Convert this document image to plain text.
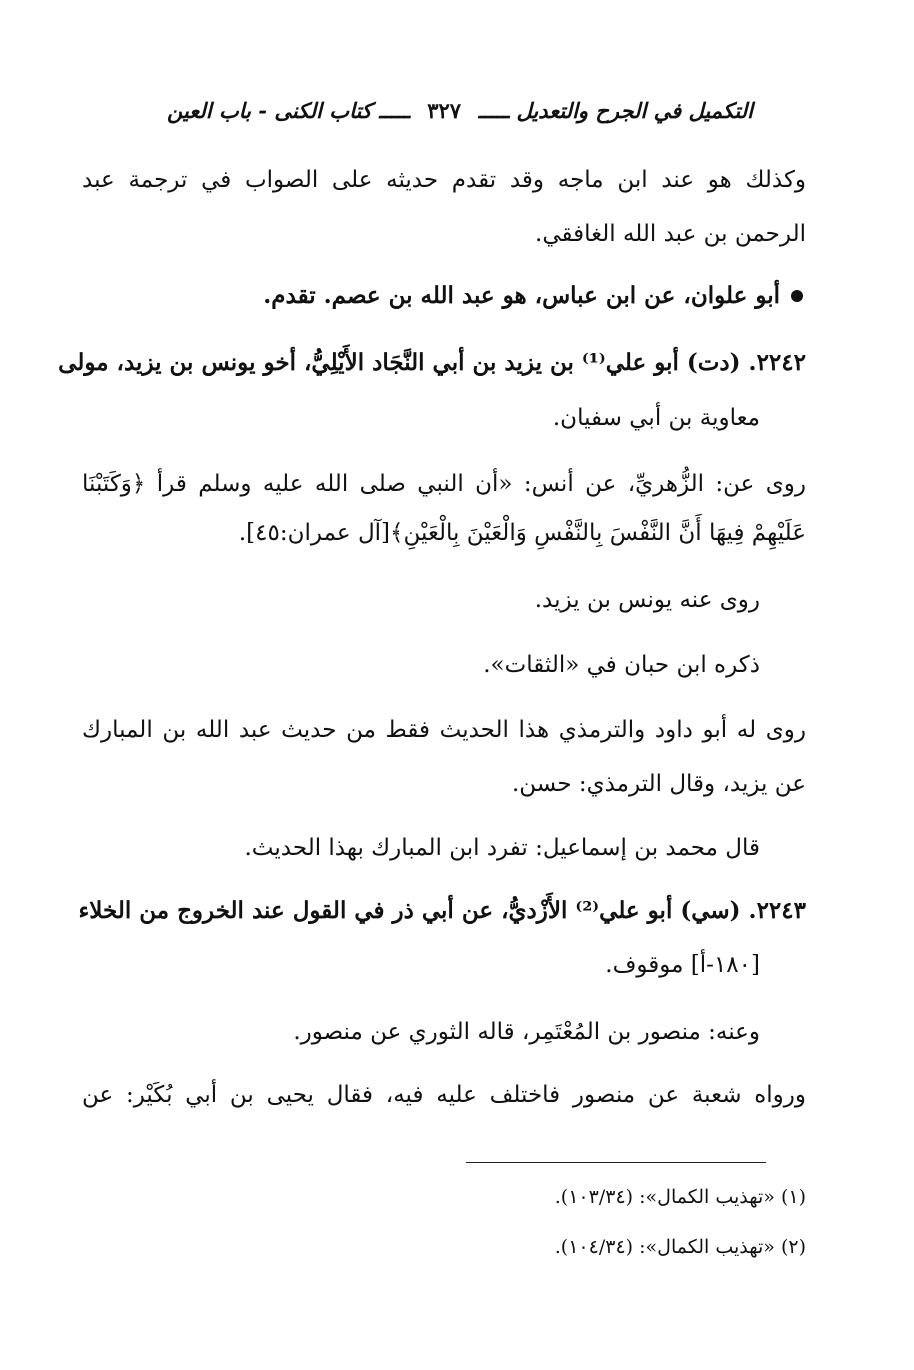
التكميل في الجرح والتعديل ـــــ ٣٢٧ ـــــ كتاب الكنى - باب العين
وكذلك هو عند ابن ماجه وقد تقدم حديثه على الصواب في ترجمة عبد
الرحمن بن عبد الله الغافقي.
أبو علوان، عن ابن عباس، هو عبد الله بن عصم. تقدم.
٢٢٤٢. (دت) أبو علي⁽¹⁾ بن يزيد بن أبي النَّجَاد الأَيْلِيُّ، أخو يونس بن يزيد، مولى
معاوية بن أبي سفيان.
روى عن: الزُّهريِّ، عن أنس: «أن النبي صلى الله عليه وسلم قرأ ﴿وَكَتَبْنَا
عَلَيْهِمْ فِيهَا أَنَّ النَّفْسَ بِالنَّفْسِ وَالْعَيْنَ بِالْعَيْنِ﴾[آل عمران:٤٥].
روى عنه يونس بن يزيد.
ذكره ابن حبان في «الثقات».
روى له أبو داود والترمذي هذا الحديث فقط من حديث عبد الله بن المبارك
عن يزيد، وقال الترمذي: حسن.
قال محمد بن إسماعيل: تفرد ابن المبارك بهذا الحديث.
٢٢٤٣. (سي) أبو علي⁽²⁾ الأَزْديُّ، عن أبي ذر في القول عند الخروج من الخلاء
[١٨٠-أ] موقوف.
وعنه: منصور بن المُعْتَمِر، قاله الثوري عن منصور.
ورواه شعبة عن منصور فاختلف عليه فيه، فقال يحيى بن أبي بُكَيْر: عن
(١) «تهذيب الكمال»: (١٠٣/٣٤).
(٢) «تهذيب الكمال»: (١٠٤/٣٤).
